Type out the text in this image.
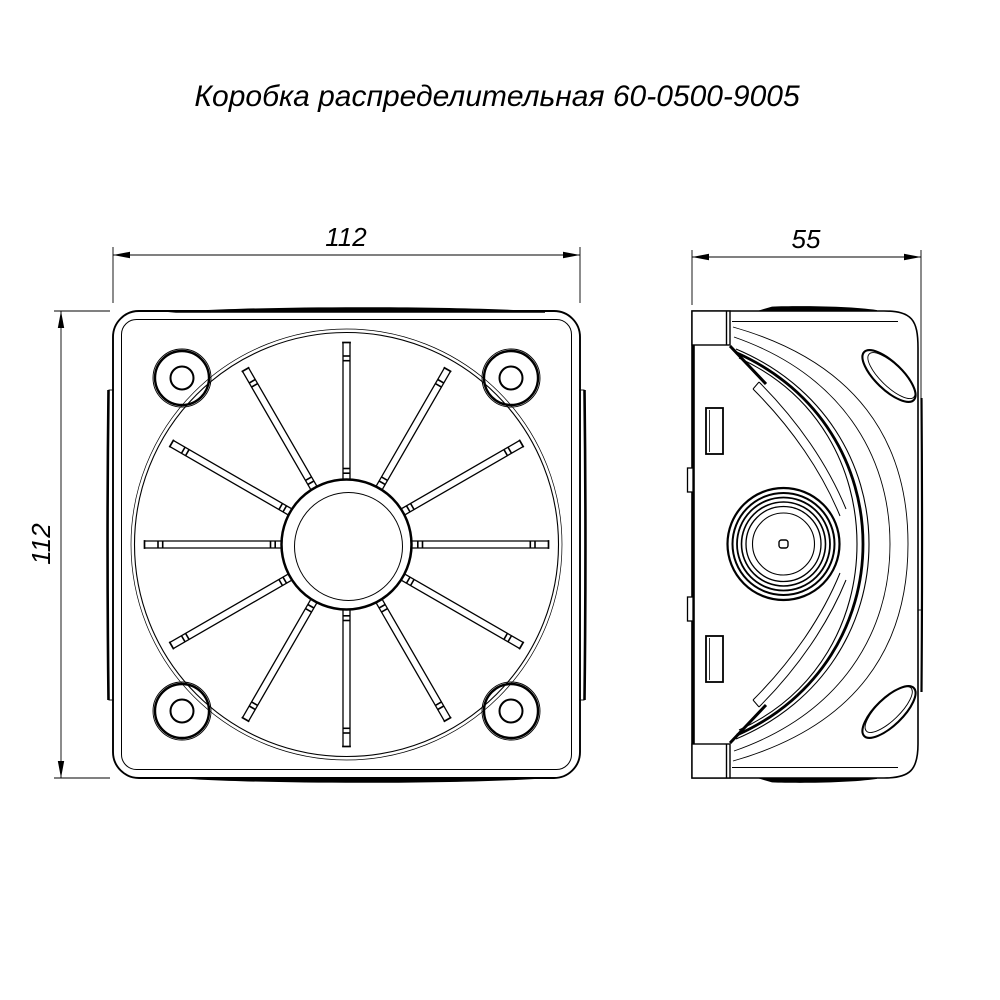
Коробка распределительная 60-0500-9005
112
112
55
